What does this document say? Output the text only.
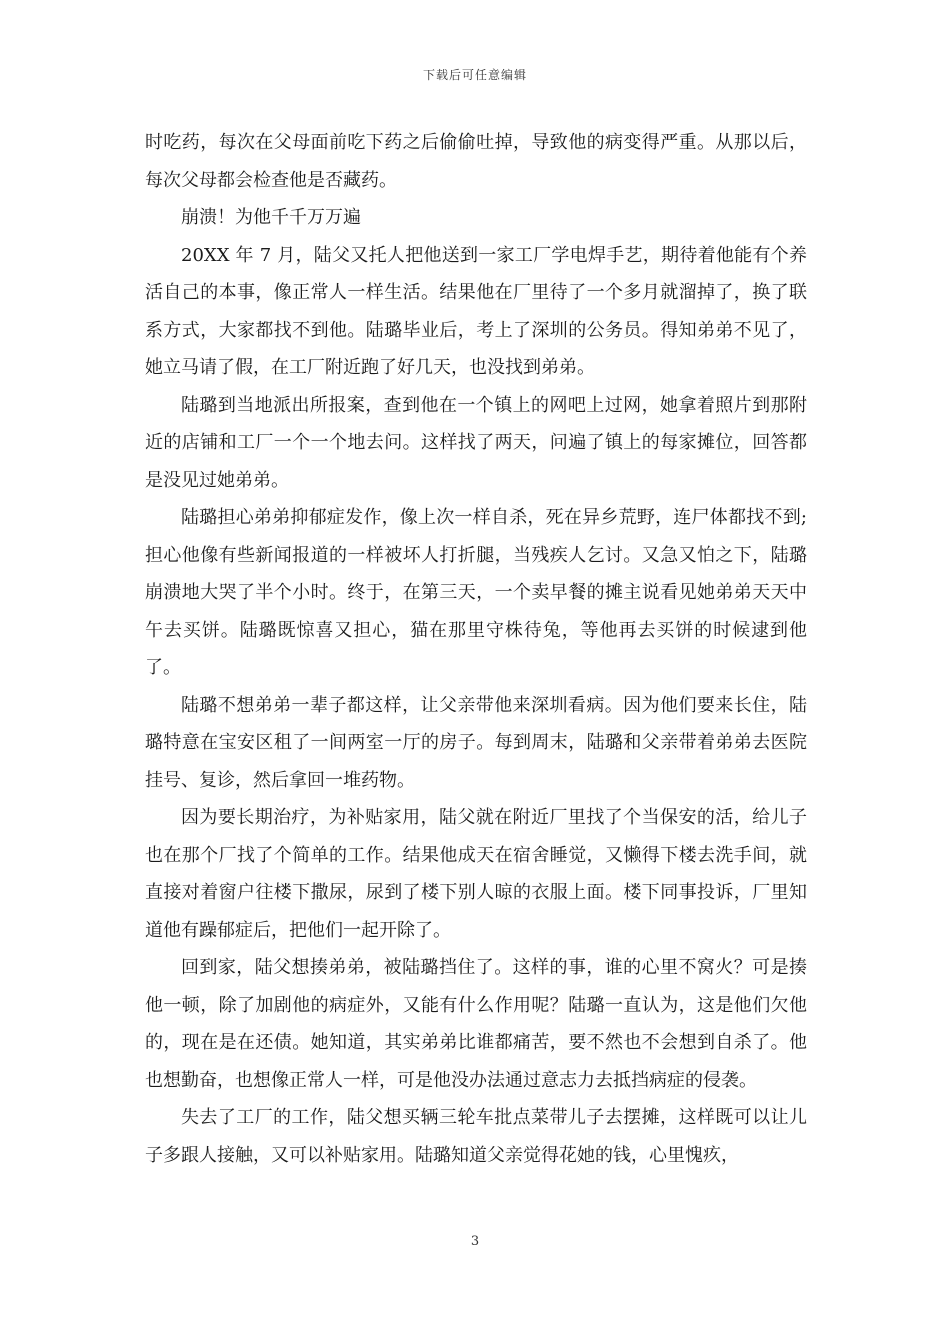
下载后可任意编辑

时吃药，每次在父母面前吃下药之后偷偷吐掉，导致他的病变得严重。从那以后，每次父母都会检查他是否藏药。

崩溃！为他千千万万遍

20XX 年 7 月，陆父又托人把他送到一家工厂学电焊手艺，期待着他能有个养活自己的本事，像正常人一样生活。结果他在厂里待了一个多月就溜掉了，换了联系方式，大家都找不到他。陆璐毕业后，考上了深圳的公务员。得知弟弟不见了，她立马请了假，在工厂附近跑了好几天，也没找到弟弟。

陆璐到当地派出所报案，查到他在一个镇上的网吧上过网，她拿着照片到那附近的店铺和工厂一个一个地去问。这样找了两天，问遍了镇上的每家摊位，回答都是没见过她弟弟。

陆璐担心弟弟抑郁症发作，像上次一样自杀，死在异乡荒野，连尸体都找不到;担心他像有些新闻报道的一样被坏人打折腿，当残疾人乞讨。又急又怕之下，陆璐崩溃地大哭了半个小时。终于，在第三天，一个卖早餐的摊主说看见她弟弟天天中午去买饼。陆璐既惊喜又担心，猫在那里守株待兔，等他再去买饼的时候逮到他了。

陆璐不想弟弟一辈子都这样，让父亲带他来深圳看病。因为他们要来长住，陆璐特意在宝安区租了一间两室一厅的房子。每到周末，陆璐和父亲带着弟弟去医院挂号、复诊，然后拿回一堆药物。

因为要长期治疗，为补贴家用，陆父就在附近厂里找了个当保安的活，给儿子也在那个厂找了个简单的工作。结果他成天在宿舍睡觉，又懒得下楼去洗手间，就直接对着窗户往楼下撒尿，尿到了楼下别人晾的衣服上面。楼下同事投诉，厂里知道他有躁郁症后，把他们一起开除了。

回到家，陆父想揍弟弟，被陆璐挡住了。这样的事，谁的心里不窝火？可是揍他一顿，除了加剧他的病症外，又能有什么作用呢？陆璐一直认为，这是他们欠他的，现在是在还债。她知道，其实弟弟比谁都痛苦，要不然也不会想到自杀了。他也想勤奋，也想像正常人一样，可是他没办法通过意志力去抵挡病症的侵袭。

失去了工厂的工作，陆父想买辆三轮车批点菜带儿子去摆摊，这样既可以让儿子多跟人接触，又可以补贴家用。陆璐知道父亲觉得花她的钱，心里愧疚，

3
